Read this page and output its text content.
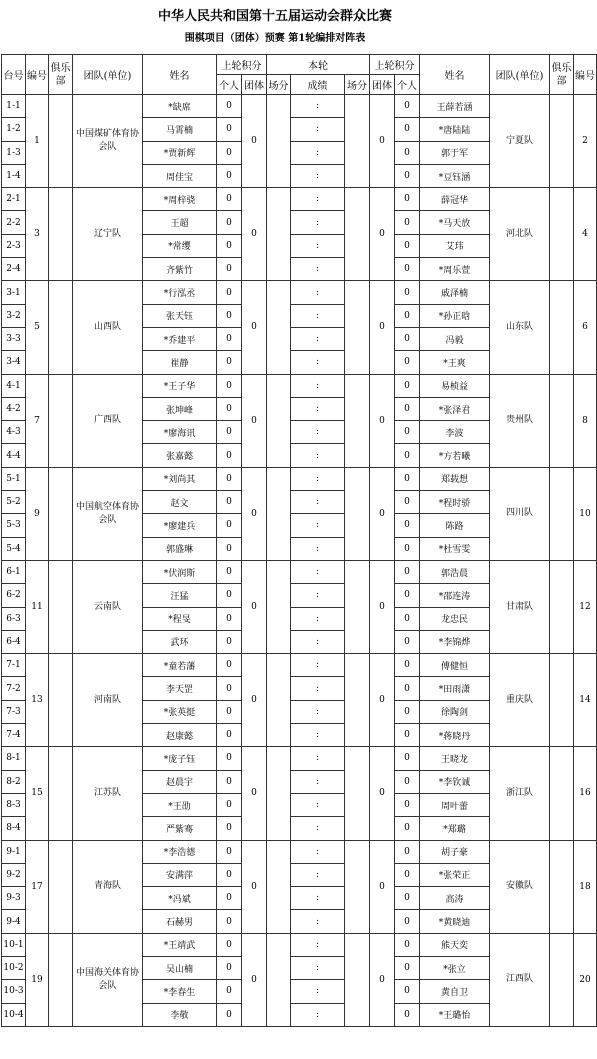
中华人民共和国第十五届运动会群众比赛
围棋项目（团体）预赛 第1轮编排对阵表
台号	编号	俱乐部	团队(单位)	姓名	上轮积分		本轮			上轮积分		姓名	团队(单位)	俱乐部	编号
					个人	团体	场分	成绩	场分	团体	个人				
1-1	1		中国煤矿体育协会队	*缺席	0	0		:		0	0	王薛若涵	宁夏队		2
1-2				马霄楠	0			:			0	*唐陆陆			
1-3				*贾新辉	0			:			0	郭于军			
1-4				周佳宝	0			:			0	*豆钰涵			
2-1	3		辽宁队	*周梓骁	0	0		:		0	0	薛冠华	河北队		4
2-2				王超	0			:			0	*马天放			
2-3				*常缨	0			:			0	艾玮			
2-4				齐紫竹	0			:			0	*周乐萱			
3-1	5		山西队	*行泓丞	0	0		:		0	0	戚泽楠	山东队		6
3-2				张天钰	0			:			0	*孙正晗			
3-3				*乔建平	0			:			0	冯毅			
3-4				崔静	0			:			0	*王爽			
4-1	7		广西队	*王子华	0	0		:		0	0	易桢益	贵州队		8
4-2				张坤峰	0			:			0	*张泽君			
4-3				*廖海讯	0			:			0	李波			
4-4				张嘉懿	0			:			0	*方若曦			
5-1	9		中国航空体育协会队	*刘尚其	0	0		:		0	0	郑载想	四川队		10
5-2				赵文	0			:			0	*程时骄			
5-3				*廖建兵	0			:			0	陈路			
5-4				郭盛琳	0			:			0	*杜雪雯			
6-1	11		云南队	*伏润斯	0	0		:		0	0	郭浩晨	甘肃队		12
6-2				汪猛	0			:			0	*邵连涛			
6-3				*程旻	0			:			0	龙忠民			
6-4				武环	0			:			0	*李锦烨			
7-1	13		河南队	*童若藩	0	0		:		0	0	傅健恒	重庆队		14
7-2				李天罡	0			:			0	*田雨潇			
7-3				*张英挺	0			:			0	徐陶剑			
7-4				赵康懿	0			:			0	*蒋晓丹			
8-1	15		江苏队	*庞子钰	0	0		:		0	0	王晓龙	浙江队		16
8-2				赵晨宇	0			:			0	*李钦诚			
8-3				*王劭	0			:			0	周叶蕾			
8-4				严紫骞	0			:			0	*郑璐			
9-1	17		青海队	*李浩德	0	0		:		0	0	胡子豪	安徽队		18
9-2				安满萍	0			:			0	*张荣正			
9-3				*冯斌	0			:			0	高涛			
9-4				石赫男	0			:			0	*黄晓迪			
10-1	19		中国海关体育协会队	*王靖武	0	0		:		0	0	熊天奕	江西队		20
10-2				吴山楠	0			:			0	*张立			
10-3				*李春生	0			:			0	黄自卫			
10-4				李敬	0			:			0	*王璐怡			
